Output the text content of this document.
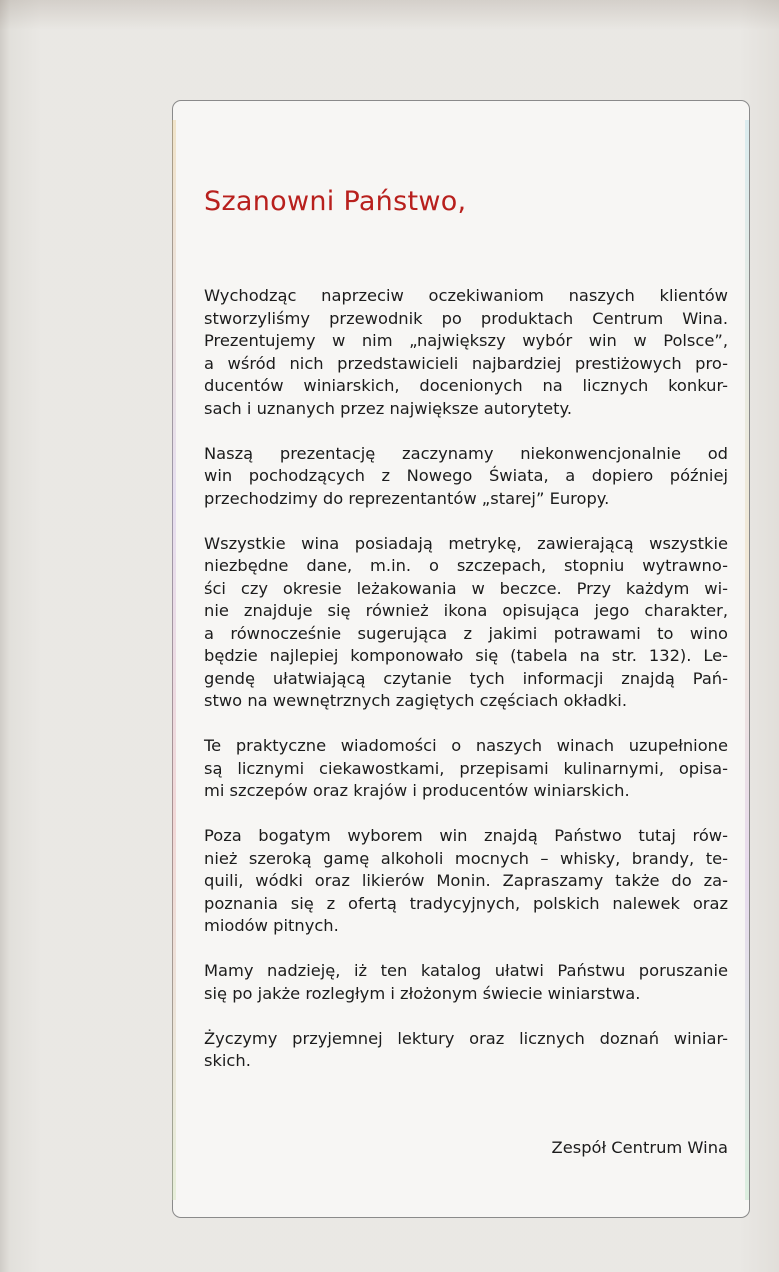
Szanowni Państwo,

Wychodząc naprzeciw oczekiwaniom naszych klientów
stworzyliśmy przewodnik po produktach Centrum Wina.
Prezentujemy w nim „największy wybór win w Polsce”,
a wśród nich przedstawicieli najbardziej prestiżowych pro-
ducentów winiarskich, docenionych na licznych konkur-
sach i uznanych przez największe autorytety.

Naszą prezentację zaczynamy niekonwencjonalnie od
win pochodzących z Nowego Świata, a dopiero później
przechodzimy do reprezentantów „starej” Europy.

Wszystkie wina posiadają metrykę, zawierającą wszystkie
niezbędne dane, m.in. o szczepach, stopniu wytrawno-
ści czy okresie leżakowania w beczce. Przy każdym wi-
nie znajduje się również ikona opisująca jego charakter,
a równocześnie sugerująca z jakimi potrawami to wino
będzie najlepiej komponowało się (tabela na str. 132). Le-
gendę ułatwiającą czytanie tych informacji znajdą Pań-
stwo na wewnętrznych zagiętych częściach okładki.

Te praktyczne wiadomości o naszych winach uzupełnione
są licznymi ciekawostkami, przepisami kulinarnymi, opisa-
mi szczepów oraz krajów i producentów winiarskich.

Poza bogatym wyborem win znajdą Państwo tutaj rów-
nież szeroką gamę alkoholi mocnych – whisky, brandy, te-
quili, wódki oraz likierów Monin. Zapraszamy także do za-
poznania się z ofertą tradycyjnych, polskich nalewek oraz
miodów pitnych.

Mamy nadzieję, iż ten katalog ułatwi Państwu poruszanie
się po jakże rozległym i złożonym świecie winiarstwa.

Życzymy przyjemnej lektury oraz licznych doznań winiar-
skich.

Zespół Centrum Wina
